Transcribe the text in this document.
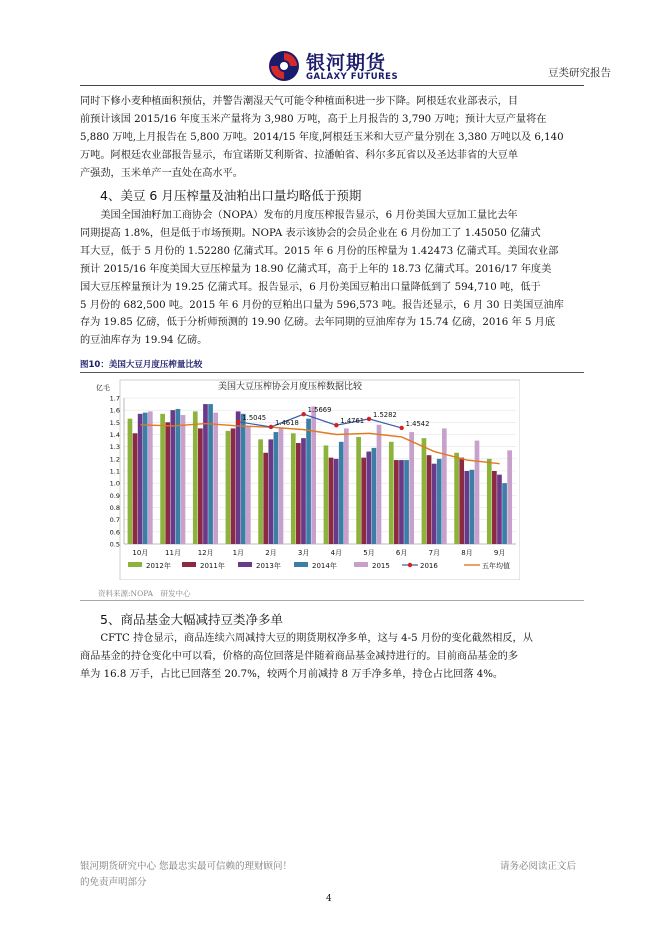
银河期货
GALAXY FUTURES	豆类研究报告
同时下修小麦种植面积预估，并警告潮湿天气可能令种植面积进一步下降。阿根廷农业部表示，目
前预计该国 2015/16 年度玉米产量将为 3,980 万吨，高于上月报告的 3,790 万吨；预计大豆产量将在
5,880 万吨,上月报告在 5,800 万吨。2014/15 年度,阿根廷玉米和大豆产量分别在 3,380 万吨以及 6,140
万吨。阿根廷农业部报告显示，布宜诺斯艾利斯省、拉潘帕省、科尔多瓦省以及圣达菲省的大豆单
产强劲，玉米单产一直处在高水平。
4、美豆 6 月压榨量及油粕出口量均略低于预期
　　美国全国油籽加工商协会（NOPA）发布的月度压榨报告显示，6 月份美国大豆加工量比去年
同期提高 1.8%，但是低于市场预期。NOPA 表示该协会的会员企业在 6 月份加工了 1.45050 亿蒲式
耳大豆，低于 5 月份的 1.52280 亿蒲式耳。2015 年 6 月份的压榨量为 1.42473 亿蒲式耳。美国农业部
预计 2015/16 年度美国大豆压榨量为 18.90 亿蒲式耳，高于上年的 18.73 亿蒲式耳。2016/17 年度美
国大豆压榨量预计为 19.25 亿蒲式耳。报告显示，6 月份美国豆粕出口量降低到了 594,710 吨，低于
5 月份的 682,500 吨。2015 年 6 月份的豆粕出口量为 596,573 吨。报告还显示，6 月 30 日美国豆油库
存为 19.85 亿磅，低于分析师预测的 19.90 亿磅。去年同期的豆油库存为 15.74 亿磅，2016 年 5 月底
的豆油库存为 19.94 亿磅。
图10：美国大豆月度压榨量比较
美国大豆压榨协会月度压榨数据比较
亿毛
0.5
0.6
0.7
0.8
0.9
1.0
1.1
1.2
1.3
1.4
1.5
1.6
1.7
1.5045
1.4618
1.5669
1.4761
1.5282
1.4542
10月 11月 12月	1月	2月	3月	4月	5月	6月	7月	8月	9月
2012年	2011年	2013年	2014年	2015	2016	五年均值
资料来源:NOPA　研发中心
5、商品基金大幅减持豆类净多单
　　CFTC 持仓显示，商品连续六周减持大豆的期货期权净多单，这与 4-5 月份的变化截然相反，从
商品基金的持仓变化中可以看，价格的高位回落是伴随着商品基金减持进行的。目前商品基金的多
单为 16.8 万手，占比已回落至 20.7%，较两个月前减持 8 万手净多单，持仓占比回落 4%。
银河期货研究中心 您最忠实最可信赖的理财顾问！
的免责声明部分
请务必阅读正文后
4
